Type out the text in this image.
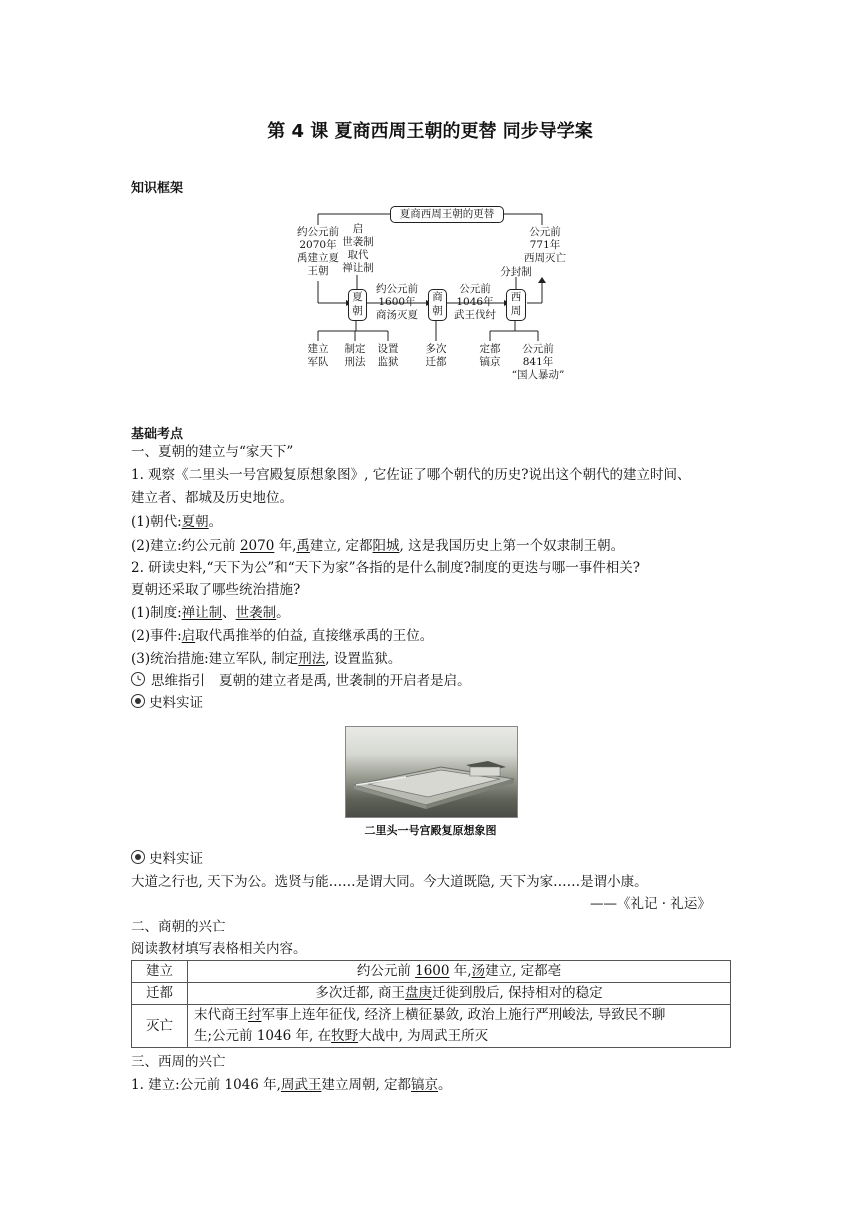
第 4 课 夏商西周王朝的更替 同步导学案
知识框架
夏商西周王朝的更替
约公元前
2070年
禹建立夏
王朝
启
世袭制
取代
禅让制
夏
朝
约公元前
1600年
商汤灭夏
商
朝
公元前
1046年
武王伐纣
分封制
西
周
公元前
771年
西周灭亡
建立
军队
制定
刑法
设置
监狱
多次
迁都
定都
镐京
公元前
841年
“国人暴动”
基础考点
一、夏朝的建立与“家天下”
1. 观察《二里头一号宫殿复原想象图》, 它佐证了哪个朝代的历史?说出这个朝代的建立时间、
建立者、都城及历史地位。
(1)朝代:夏朝。
(2)建立:约公元前 2070 年,禹建立, 定都阳城, 这是我国历史上第一个奴隶制王朝。
2. 研读史料,“天下为公”和“天下为家”各指的是什么制度?制度的更迭与哪一事件相关?
夏朝还采取了哪些统治措施?
(1)制度:禅让制、世袭制。
(2)事件:启取代禹推举的伯益, 直接继承禹的王位。
(3)统治措施:建立军队, 制定刑法, 设置监狱。
思维指引 夏朝的建立者是禹, 世袭制的开启者是启。
史料实证
二里头一号宫殿复原想象图
史料实证
大道之行也, 天下为公。选贤与能……是谓大同。今大道既隐, 天下为家……是谓小康。
——《礼记 · 礼运》
二、商朝的兴亡
阅读教材填写表格相关内容。
建立	约公元前 1600 年,汤建立, 定都亳
迁都	多次迁都, 商王盘庚迁徙到殷后, 保持相对的稳定
灭亡	末代商王纣军事上连年征伐, 经济上横征暴敛, 政治上施行严刑峻法, 导致民不聊
生;公元前 1046 年, 在牧野大战中, 为周武王所灭
三、西周的兴亡
1. 建立:公元前 1046 年,周武王建立周朝, 定都镐京。
